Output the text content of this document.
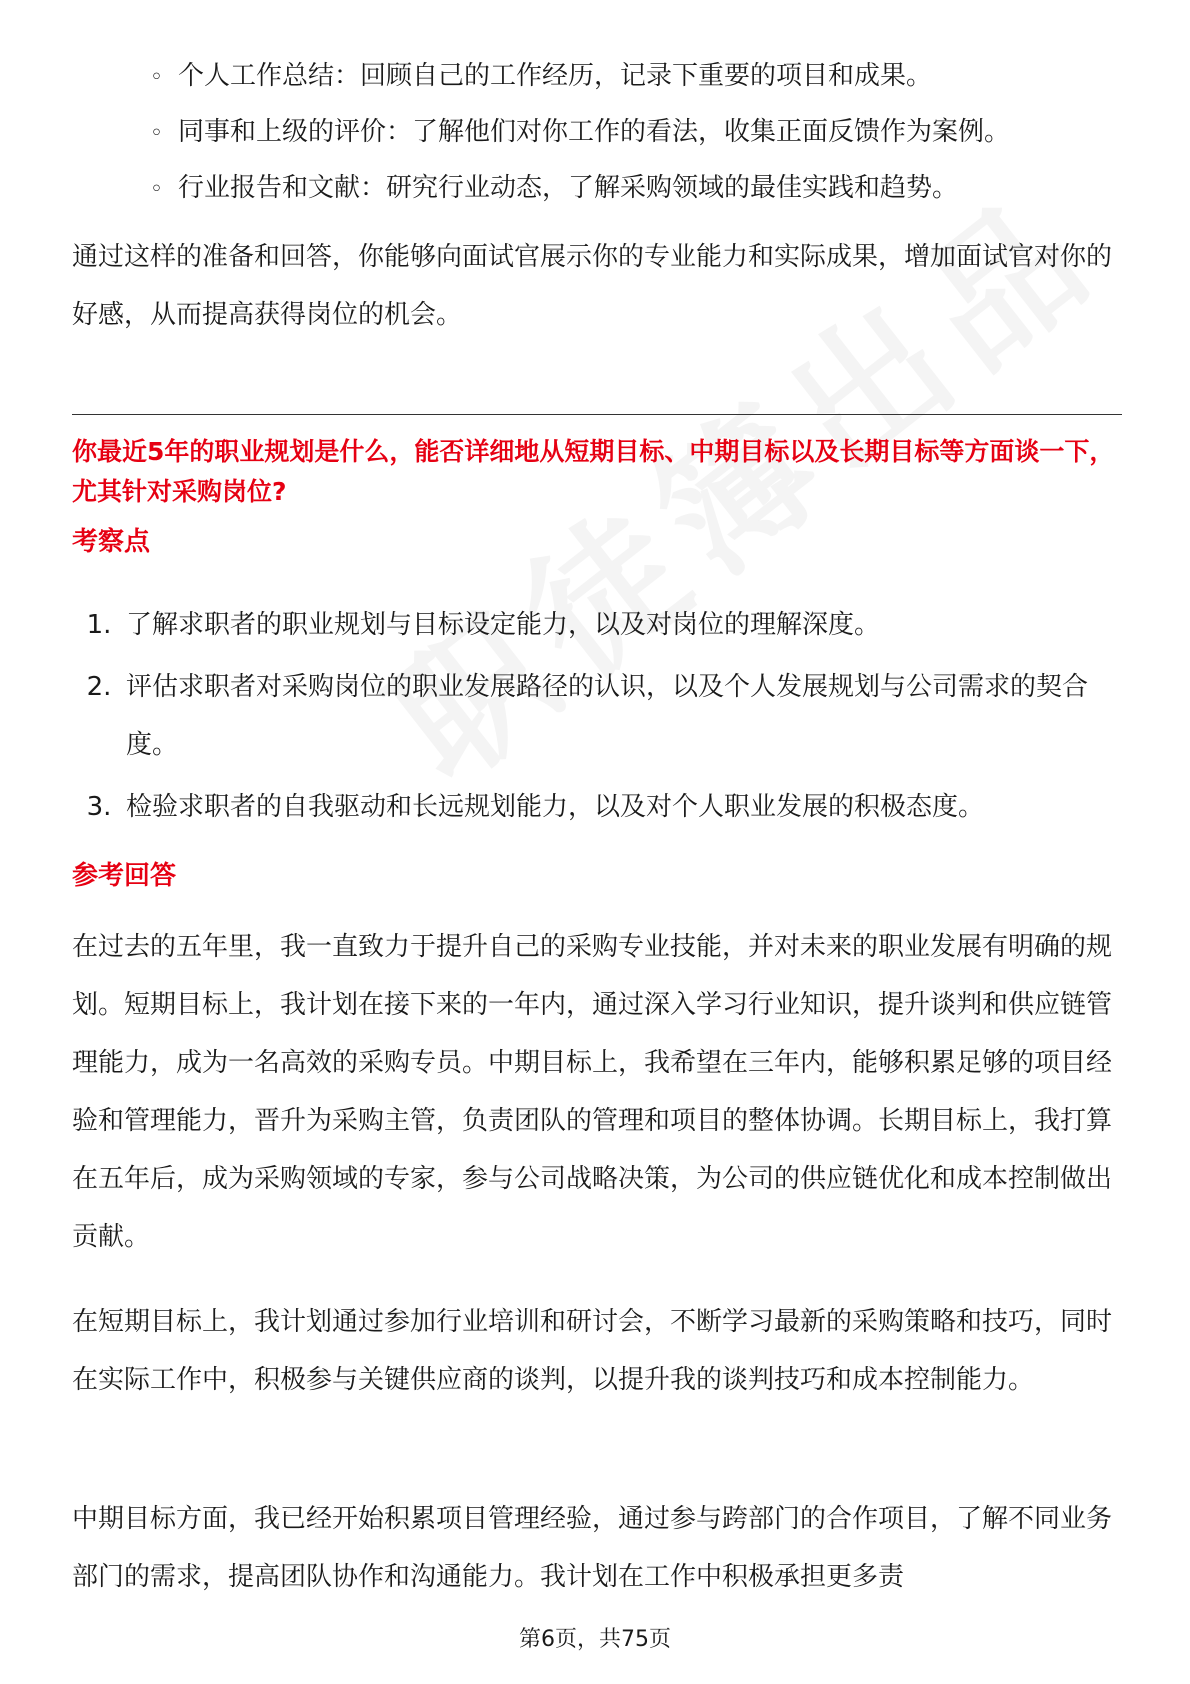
◦ 个人工作总结：回顾自己的工作经历，记录下重要的项目和成果。
◦ 同事和上级的评价：了解他们对你工作的看法，收集正面反馈作为案例。
◦ 行业报告和文献：研究行业动态，了解采购领域的最佳实践和趋势。

通过这样的准备和回答，你能够向面试官展示你的专业能力和实际成果，增加面试官对你的好感，从而提高获得岗位的机会。

你最近5年的职业规划是什么，能否详细地从短期目标、中期目标以及长期目标等方面谈一下，尤其针对采购岗位?

考察点
1. 了解求职者的职业规划与目标设定能力，以及对岗位的理解深度。
2. 评估求职者对采购岗位的职业发展路径的认识，以及个人发展规划与公司需求的契合度。
3. 检验求职者的自我驱动和长远规划能力，以及对个人职业发展的积极态度。
参考回答

在过去的五年里，我一直致力于提升自己的采购专业技能，并对未来的职业发展有明确的规划。短期目标上，我计划在接下来的一年内，通过深入学习行业知识，提升谈判和供应链管理能力，成为一名高效的采购专员。中期目标上，我希望在三年内，能够积累足够的项目经验和管理能力，晋升为采购主管，负责团队的管理和项目的整体协调。长期目标上，我打算在五年后，成为采购领域的专家，参与公司战略决策，为公司的供应链优化和成本控制做出贡献。

在短期目标上，我计划通过参加行业培训和研讨会，不断学习最新的采购策略和技巧，同时在实际工作中，积极参与关键供应商的谈判，以提升我的谈判技巧和成本控制能力。

中期目标方面，我已经开始积累项目管理经验，通过参与跨部门的合作项目，了解不同业务部门的需求，提高团队协作和沟通能力。我计划在工作中积极承担更多责

第6页，共75页
